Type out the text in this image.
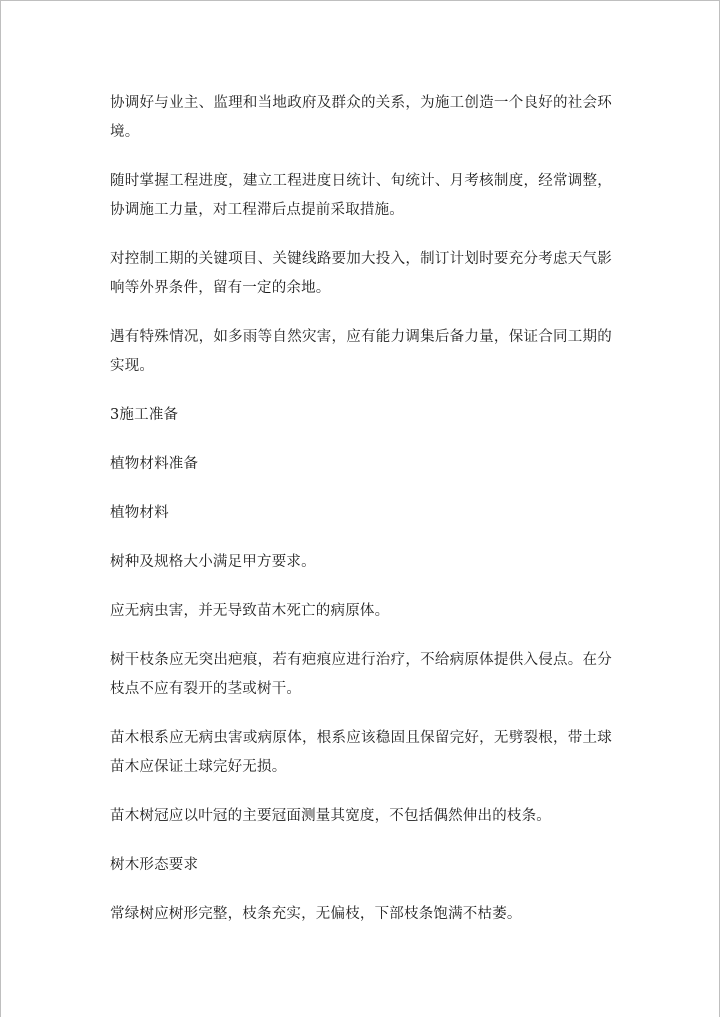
协调好与业主、监理和当地政府及群众的关系，为施工创造一个良好的社会环境。

随时掌握工程进度，建立工程进度日统计、旬统计、月考核制度，经常调整，协调施工力量，对工程滞后点提前采取措施。

对控制工期的关键项目、关键线路要加大投入，制订计划时要充分考虑天气影响等外界条件，留有一定的余地。

遇有特殊情况，如多雨等自然灾害，应有能力调集后备力量，保证合同工期的实现。

3施工准备

植物材料准备

植物材料

树种及规格大小满足甲方要求。

应无病虫害，并无导致苗木死亡的病原体。

树干枝条应无突出疤痕，若有疤痕应进行治疗，不给病原体提供入侵点。在分枝点不应有裂开的茎或树干。

苗木根系应无病虫害或病原体，根系应该稳固且保留完好，无劈裂根，带土球苗木应保证土球完好无损。

苗木树冠应以叶冠的主要冠面测量其宽度，不包括偶然伸出的枝条。

树木形态要求

常绿树应树形完整，枝条充实，无偏枝，下部枝条饱满不枯萎。
